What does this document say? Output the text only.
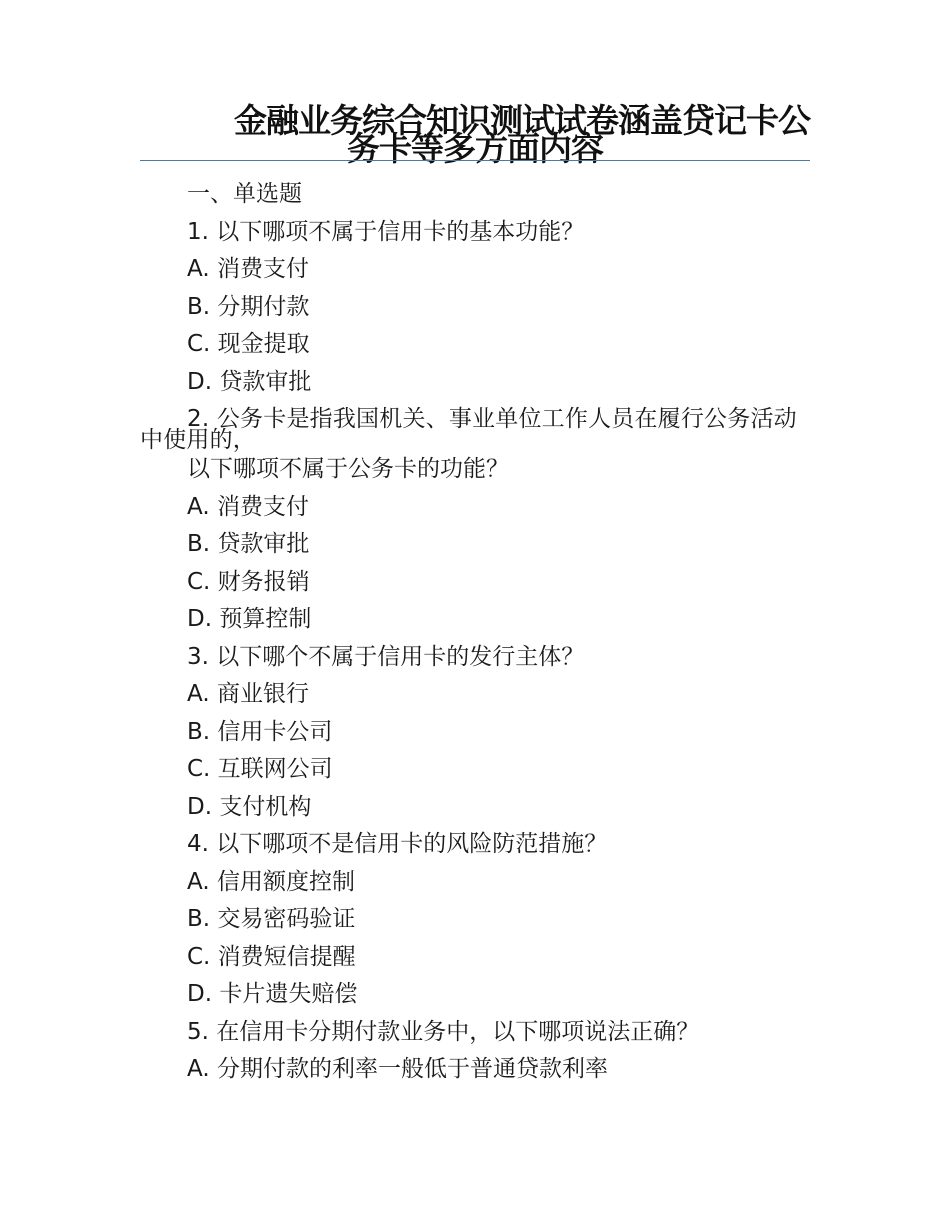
金融业务综合知识测试试卷涵盖贷记卡公
务卡等多方面内容

一、单选题

1. 以下哪项不属于信用卡的基本功能？

A. 消费支付

B. 分期付款

C. 现金提取

D. 贷款审批

2. 公务卡是指我国机关、事业单位工作人员在履行公务活动中使用的，

以下哪项不属于公务卡的功能？

A. 消费支付

B. 贷款审批

C. 财务报销

D. 预算控制

3. 以下哪个不属于信用卡的发行主体？

A. 商业银行

B. 信用卡公司

C. 互联网公司

D. 支付机构

4. 以下哪项不是信用卡的风险防范措施？

A. 信用额度控制

B. 交易密码验证

C. 消费短信提醒

D. 卡片遗失赔偿

5. 在信用卡分期付款业务中，以下哪项说法正确？

A. 分期付款的利率一般低于普通贷款利率
